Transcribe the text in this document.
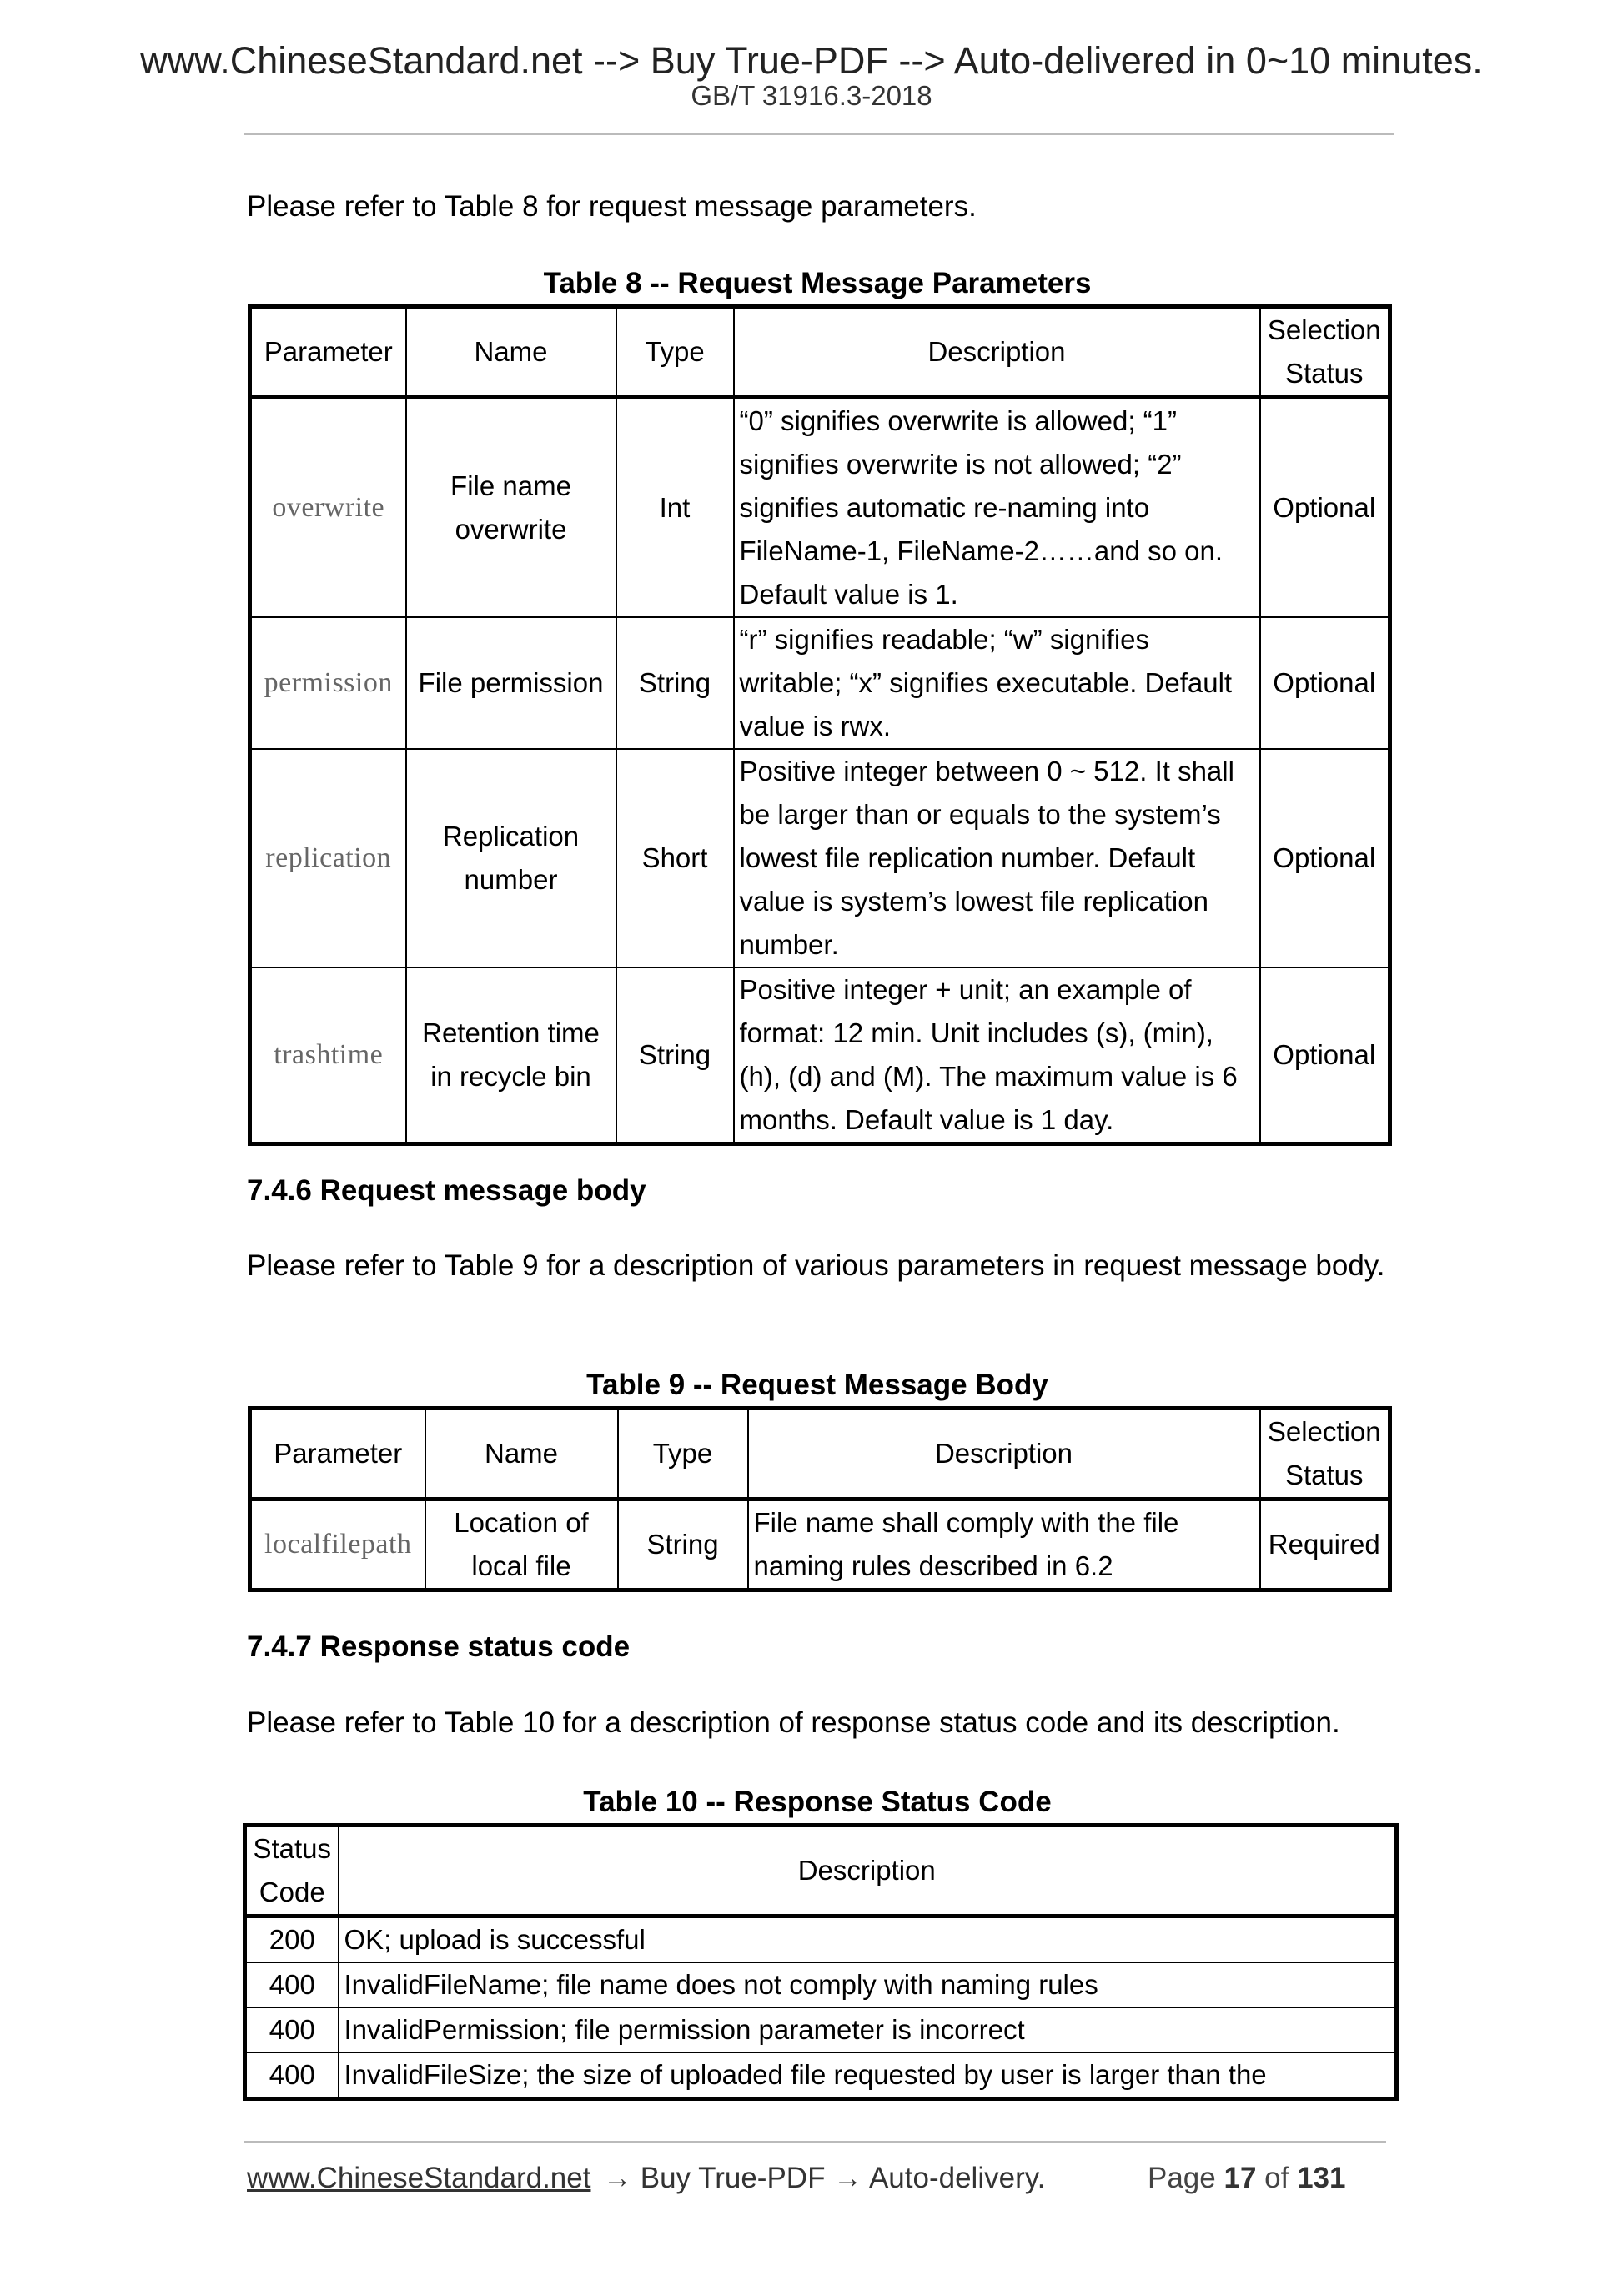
www.ChineseStandard.net --> Buy True-PDF --> Auto-delivered in 0~10 minutes.
GB/T 31916.3-2018
Please refer to Table 8 for request message parameters.
Table 8 -- Request Message Parameters
Parameter	Name	Type	Description	Selection Status
overwrite	File name overwrite	Int	“0” signifies overwrite is allowed; “1” signifies overwrite is not allowed; “2” signifies automatic re-naming into FileName-1, FileName-2……and so on. Default value is 1.	Optional
permission	File permission	String	“r” signifies readable; “w” signifies writable; “x” signifies executable. Default value is rwx.	Optional
replication	Replication number	Short	Positive integer between 0 ~ 512. It shall be larger than or equals to the system’s lowest file replication number. Default value is system’s lowest file replication number.	Optional
trashtime	Retention time in recycle bin	String	Positive integer + unit; an example of format: 12 min. Unit includes (s), (min), (h), (d) and (M). The maximum value is 6 months. Default value is 1 day.	Optional
7.4.6 Request message body
Please refer to Table 9 for a description of various parameters in request message body.
Table 9 -- Request Message Body
Parameter	Name	Type	Description	Selection Status
localfilepath	Location of local file	String	File name shall comply with the file naming rules described in 6.2	Required
7.4.7 Response status code
Please refer to Table 10 for a description of response status code and its description.
Table 10 -- Response Status Code
Status Code	Description
200	OK; upload is successful
400	InvalidFileName; file name does not comply with naming rules
400	InvalidPermission; file permission parameter is incorrect
400	InvalidFileSize; the size of uploaded file requested by user is larger than the
www.ChineseStandard.net → Buy True-PDF → Auto-delivery.	Page 17 of 131
